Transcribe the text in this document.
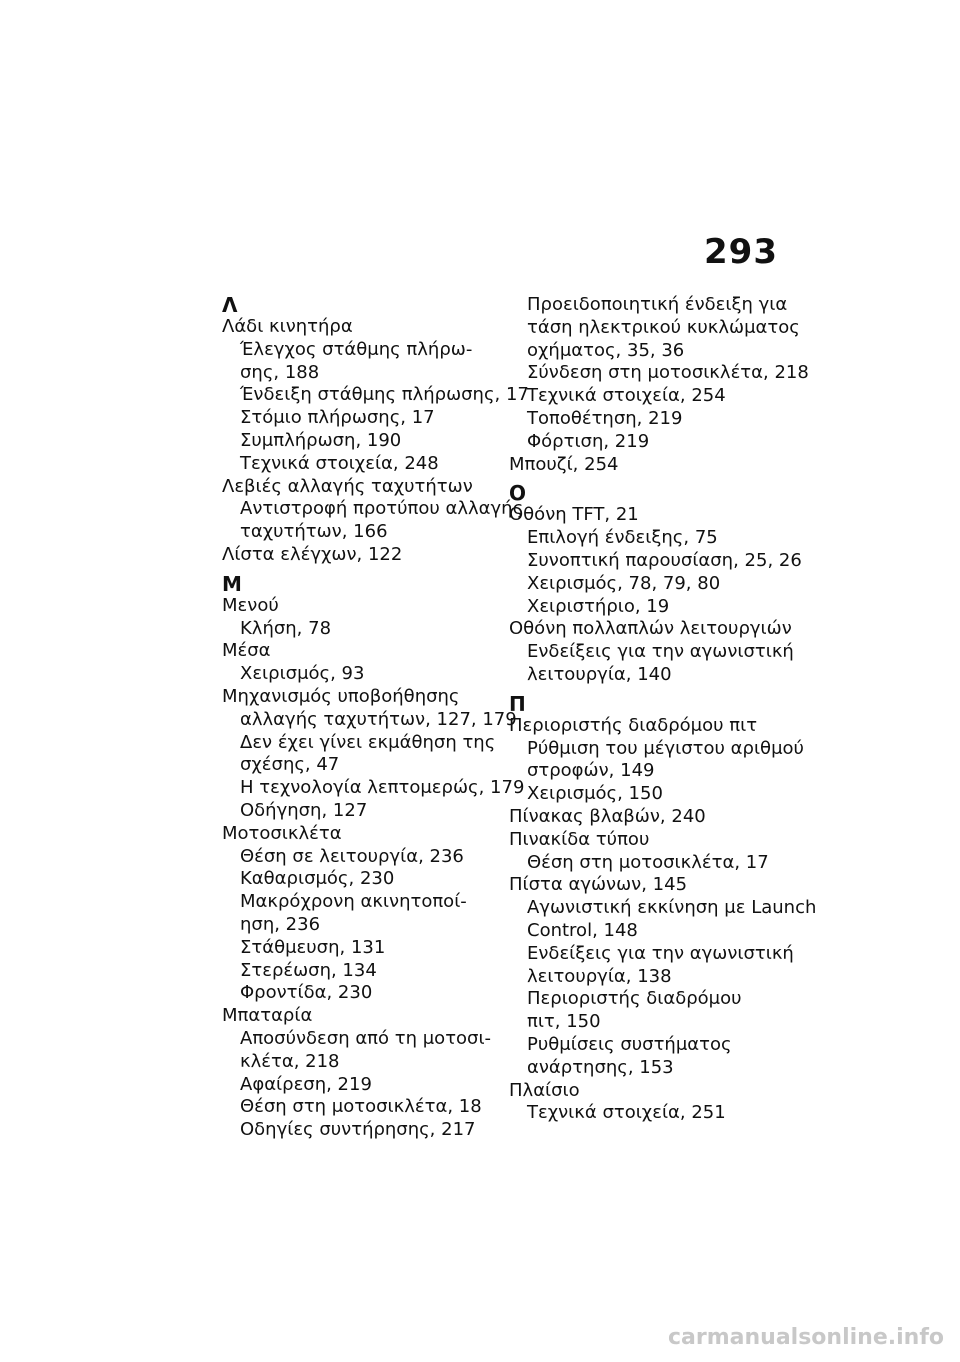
293
Λ
Λάδι κινητήρα
Έλεγχος στάθμης πλήρω-
σης, 188
Ένδειξη στάθμης πλήρωσης, 17
Στόμιο πλήρωσης, 17
Συμπλήρωση, 190
Τεχνικά στοιχεία, 248
Λεβιές αλλαγής ταχυτήτων
Αντιστροφή προτύπου αλλαγής
ταχυτήτων, 166
Λίστα ελέγχων, 122
Μ
Μενού
Κλήση, 78
Μέσα
Χειρισμός, 93
Μηχανισμός υποβοήθησης
αλλαγής ταχυτήτων, 127, 179
Δεν έχει γίνει εκμάθηση της
σχέσης, 47
Η τεχνολογία λεπτομερώς, 179
Οδήγηση, 127
Μοτοσικλέτα
Θέση σε λειτουργία, 236
Καθαρισμός, 230
Μακρόχρονη ακινητοποί-
ηση, 236
Στάθμευση, 131
Στερέωση, 134
Φροντίδα, 230
Μπαταρία
Αποσύνδεση από τη μοτοσι-
κλέτα, 218
Αφαίρεση, 219
Θέση στη μοτοσικλέτα, 18
Οδηγίες συντήρησης, 217
Προειδοποιητική ένδειξη για
τάση ηλεκτρικού κυκλώματος
οχήματος, 35, 36
Σύνδεση στη μοτοσικλέτα, 218
Τεχνικά στοιχεία, 254
Τοποθέτηση, 219
Φόρτιση, 219
Μπουζί, 254
Ο
Οθόνη TFT, 21
Επιλογή ένδειξης, 75
Συνοπτική παρουσίαση, 25, 26
Χειρισμός, 78, 79, 80
Χειριστήριο, 19
Οθόνη πολλαπλών λειτουργιών
Ενδείξεις για την αγωνιστική
λειτουργία, 140
Π
Περιοριστής διαδρόμου πιτ
Ρύθμιση του μέγιστου αριθμού
στροφών, 149
Χειρισμός, 150
Πίνακας βλαβών, 240
Πινακίδα τύπου
Θέση στη μοτοσικλέτα, 17
Πίστα αγώνων, 145
Αγωνιστική εκκίνηση με Launch
Control, 148
Ενδείξεις για την αγωνιστική
λειτουργία, 138
Περιοριστής διαδρόμου
πιτ, 150
Ρυθμίσεις συστήματος
ανάρτησης, 153
Πλαίσιο
Τεχνικά στοιχεία, 251
carmanualsonline.info
